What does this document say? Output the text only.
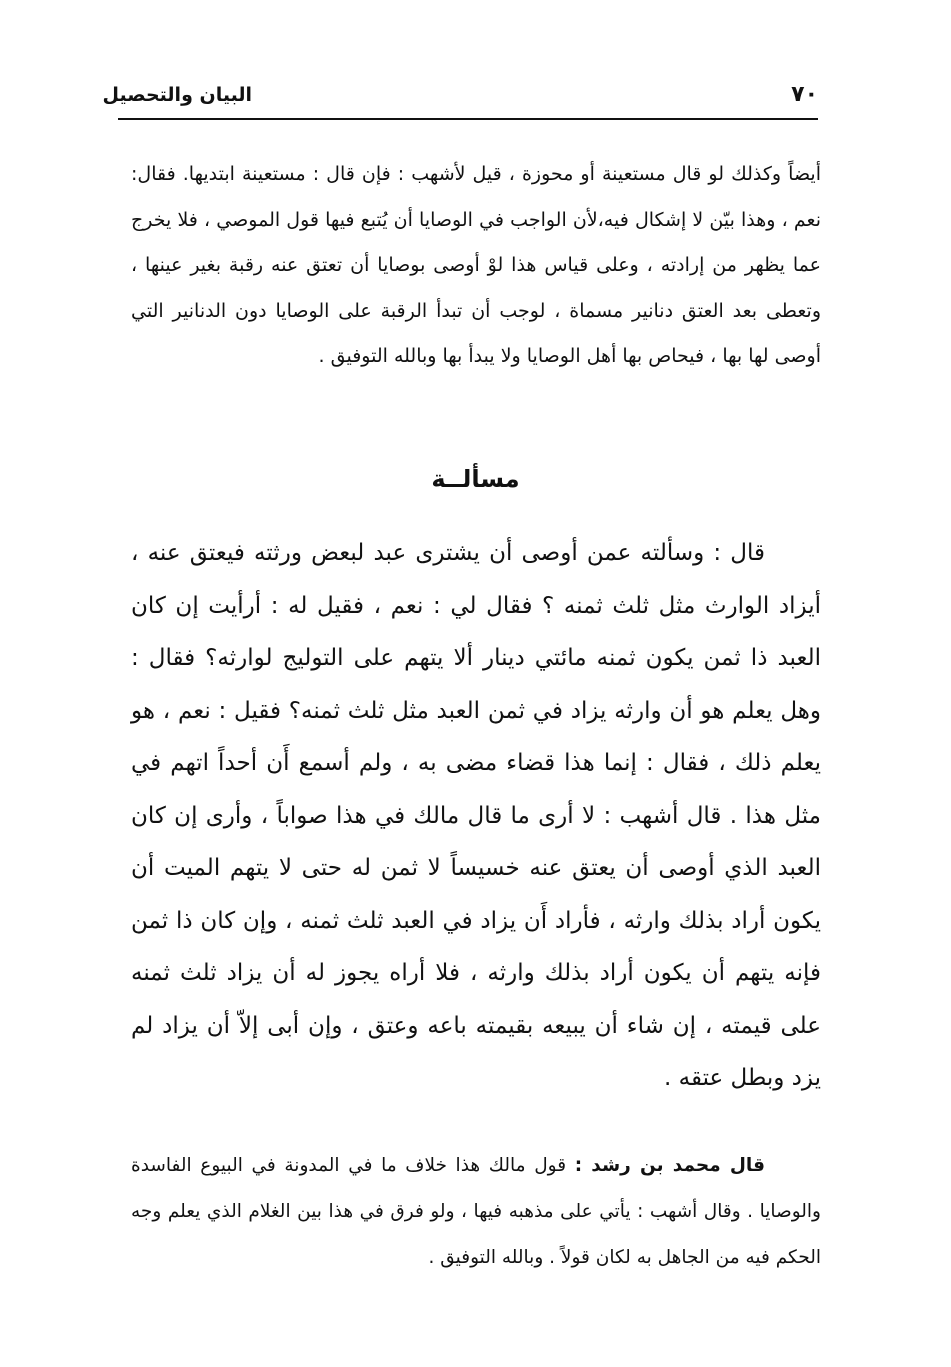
٧٠
البيان والتحصيل

أيضاً وكذلك لو قال مستعينة أو محوزة ، قيل لأشهب : فإن قال : مستعينة ابتديها. فقال: نعم ، وهذا بيّن لا إشكال فيه،لأن الواجب في الوصايا أن يُتبع فيها قول الموصي ، فلا يخرج عما يظهر من إرادته ، وعلى قياس هذا لوْ أوصى بوصايا أن تعتق عنه رقبة بغير عينها ، وتعطى بعد العتق دنانير مسماة ، لوجب أن تبدأ الرقبة على الوصايا دون الدنانير التي أوصى لها بها ، فيحاص بها أهل الوصايا ولا يبدأ بها وبالله التوفيق .

مسألــة

قال : وسألته عمن أوصى أن يشترى عبد لبعض ورثته فيعتق عنه ، أيزاد الوارث مثل ثلث ثمنه ؟ فقال لي : نعم ، فقيل له : أرأيت إن كان العبد ذا ثمن يكون ثمنه مائتي دينار ألا يتهم على التوليج لوارثه؟ فقال : وهل يعلم هو أن وارثه يزاد في ثمن العبد مثل ثلث ثمنه؟ فقيل : نعم ، هو يعلم ذلك ، فقال : إنما هذا قضاء مضى به ، ولم أسمع أَن أحداً اتهم في مثل هذا . قال أشهب : لا أرى ما قال مالك في هذا صواباً ، وأرى إن كان العبد الذي أوصى أن يعتق عنه خسيساً لا ثمن له حتى لا يتهم الميت أن يكون أراد بذلك وارثه ، فأراد أَن يزاد في العبد ثلث ثمنه ، وإن كان ذا ثمن فإنه يتهم أن يكون أراد بذلك وارثه ، فلا أراه يجوز له أن يزاد ثلث ثمنه على قيمته ، إن شاء أن يبيعه بقيمته باعه وعتق ، وإن أبى إلاّ أن يزاد لم يزد وبطل عتقه .

قال محمد بن رشد : قول مالك هذا خلاف ما في المدونة في البيوع الفاسدة والوصايا . وقال أشهب : يأتي على مذهبه فيها ، ولو فرق في هذا بين الغلام الذي يعلم وجه الحكم فيه من الجاهل به لكان قولاً . وبالله التوفيق .
